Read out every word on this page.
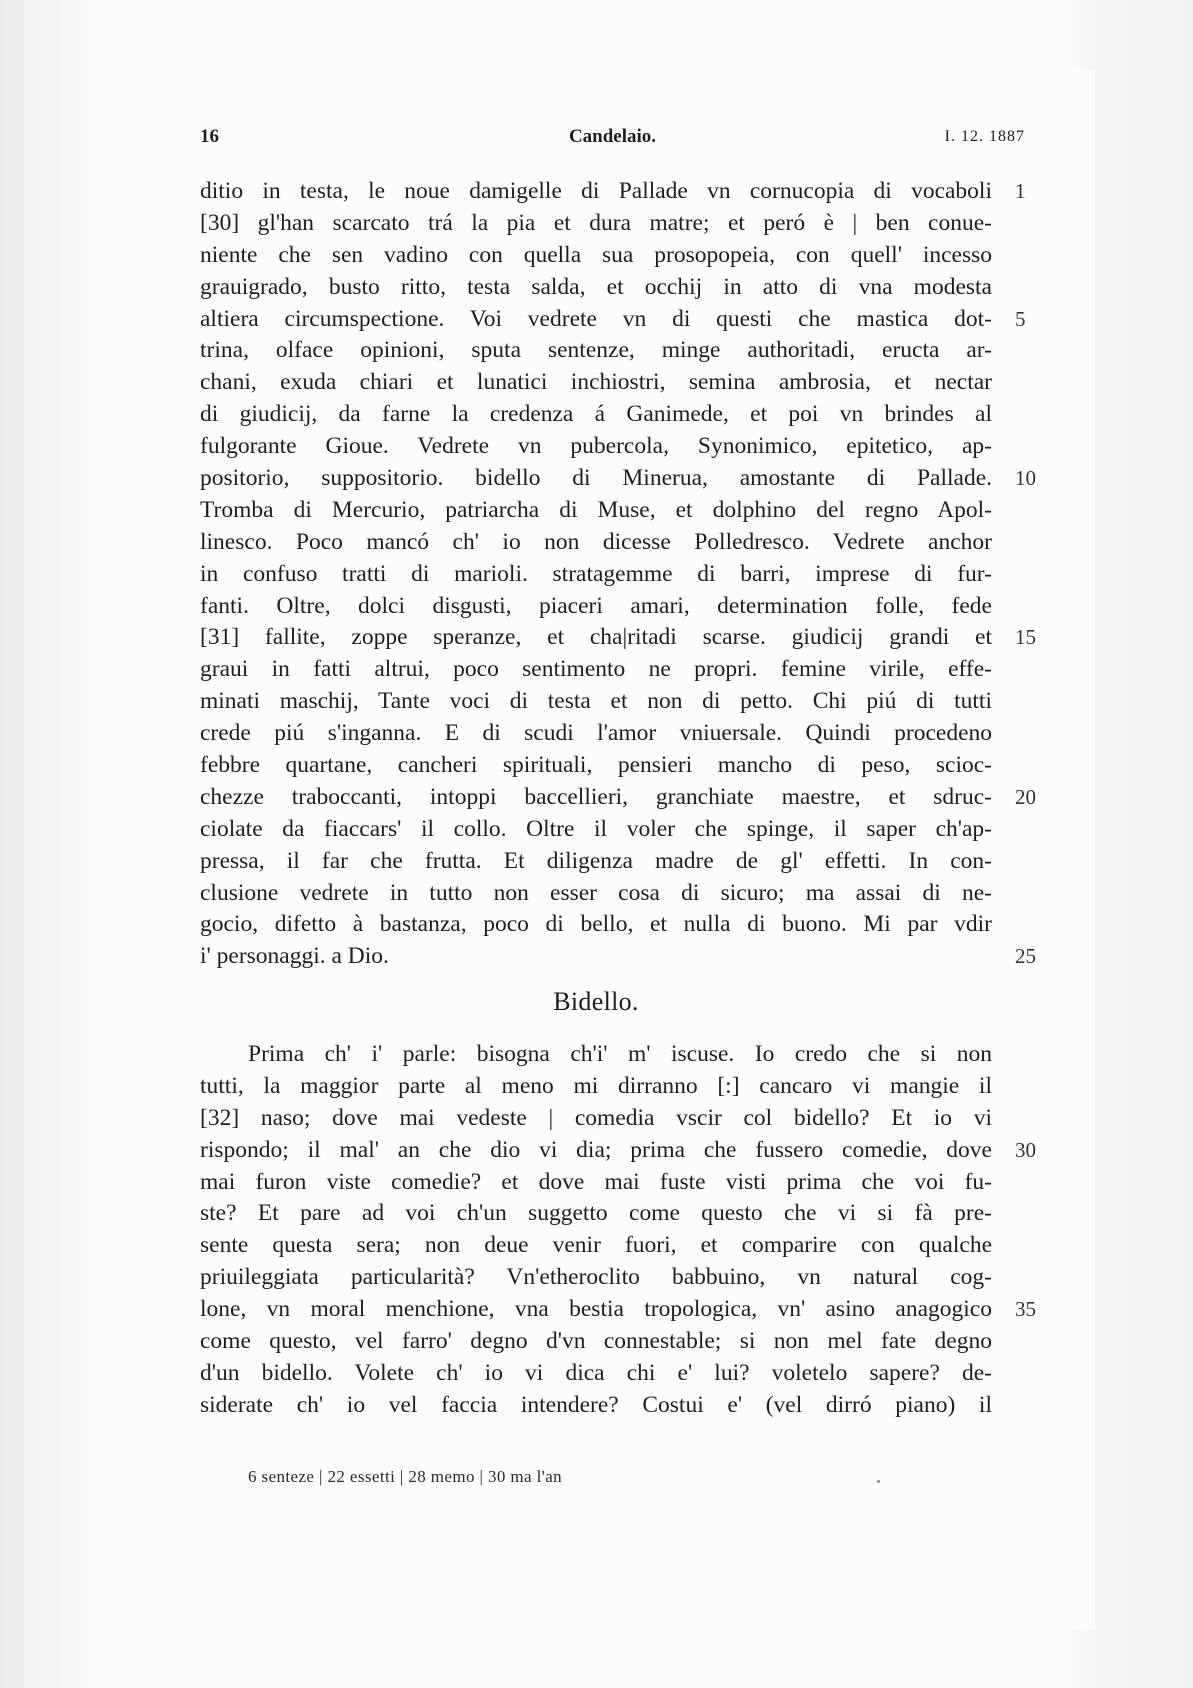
16	Candelaio.	I. 12. 1887
ditio in testa, le noue damigelle di Pallade vn cornucopia di vocaboli 1
[30] gl'han scarcato trá la pia et dura matre; et peró è | ben conue-
niente che sen vadino con quella sua prosopopeia, con quell' incesso
grauigrado, busto ritto, testa salda, et occhij in atto di vna modesta
altiera circumspectione. Voi vedrete vn di questi che mastica dot- 5
trina, olface opinioni, sputa sentenze, minge authoritadi, eructa ar-
chani, exuda chiari et lunatici inchiostri, semina ambrosia, et nectar
di giudicij, da farne la credenza á Ganimede, et poi vn brindes al
fulgorante Gioue. Vedrete vn pubercola, Synonimico, epitetico, ap-
positorio, suppositorio. bidello di Minerua, amostante di Pallade. 10
Tromba di Mercurio, patriarcha di Muse, et dolphino del regno Apol-
linesco. Poco mancó ch' io non dicesse Polledresco. Vedrete anchor
in confuso tratti di marioli. stratagemme di barri, imprese di fur-
fanti. Oltre, dolci disgusti, piaceri amari, determination folle, fede
[31] fallite, zoppe speranze, et cha|ritadi scarse. giudicij grandi et 15
graui in fatti altrui, poco sentimento ne propri. femine virile, effe-
minati maschij, Tante voci di testa et non di petto. Chi piú di tutti
crede piú s'inganna. E di scudi l'amor vniuersale. Quindi procedeno
febbre quartane, cancheri spirituali, pensieri mancho di peso, scioc-
chezze traboccanti, intoppi baccellieri, granchiate maestre, et sdruc- 20
ciolate da fiaccars' il collo. Oltre il voler che spinge, il saper ch'ap-
pressa, il far che frutta. Et diligenza madre de gl' effetti. In con-
clusione vedrete in tutto non esser cosa di sicuro; ma assai di ne-
gocio, difetto à bastanza, poco di bello, et nulla di buono. Mi par vdir
i' personaggi. a Dio.	25
Bidello.
Prima ch' i' parle: bisogna ch'i' m' iscuse. Io credo che si non
tutti, la maggior parte al meno mi dirranno [:] cancaro vi mangie il
[32] naso; dove mai vedeste | comedia vscir col bidello? Et io vi
rispondo; il mal' an che dio vi dia; prima che fussero comedie, dove 30
mai furon viste comedie? et dove mai fuste visti prima che voi fu-
ste? Et pare ad voi ch'un suggetto come questo che vi si fà pre-
sente questa sera; non deue venir fuori, et comparire con qualche
priuileggiata particularità? Vn'etheroclito babbuino, vn natural cog-
lone, vn moral menchione, vna bestia tropologica, vn' asino anagogico 35
come questo, vel farro' degno d'vn connestable; si non mel fate degno
d'un bidello. Volete ch' io vi dica chi e' lui? voletelo sapere? de-
siderate ch' io vel faccia intendere? Costui e' (vel dirró piano) il
6 senteze | 22 essetti | 28 memo | 30 ma l'an
